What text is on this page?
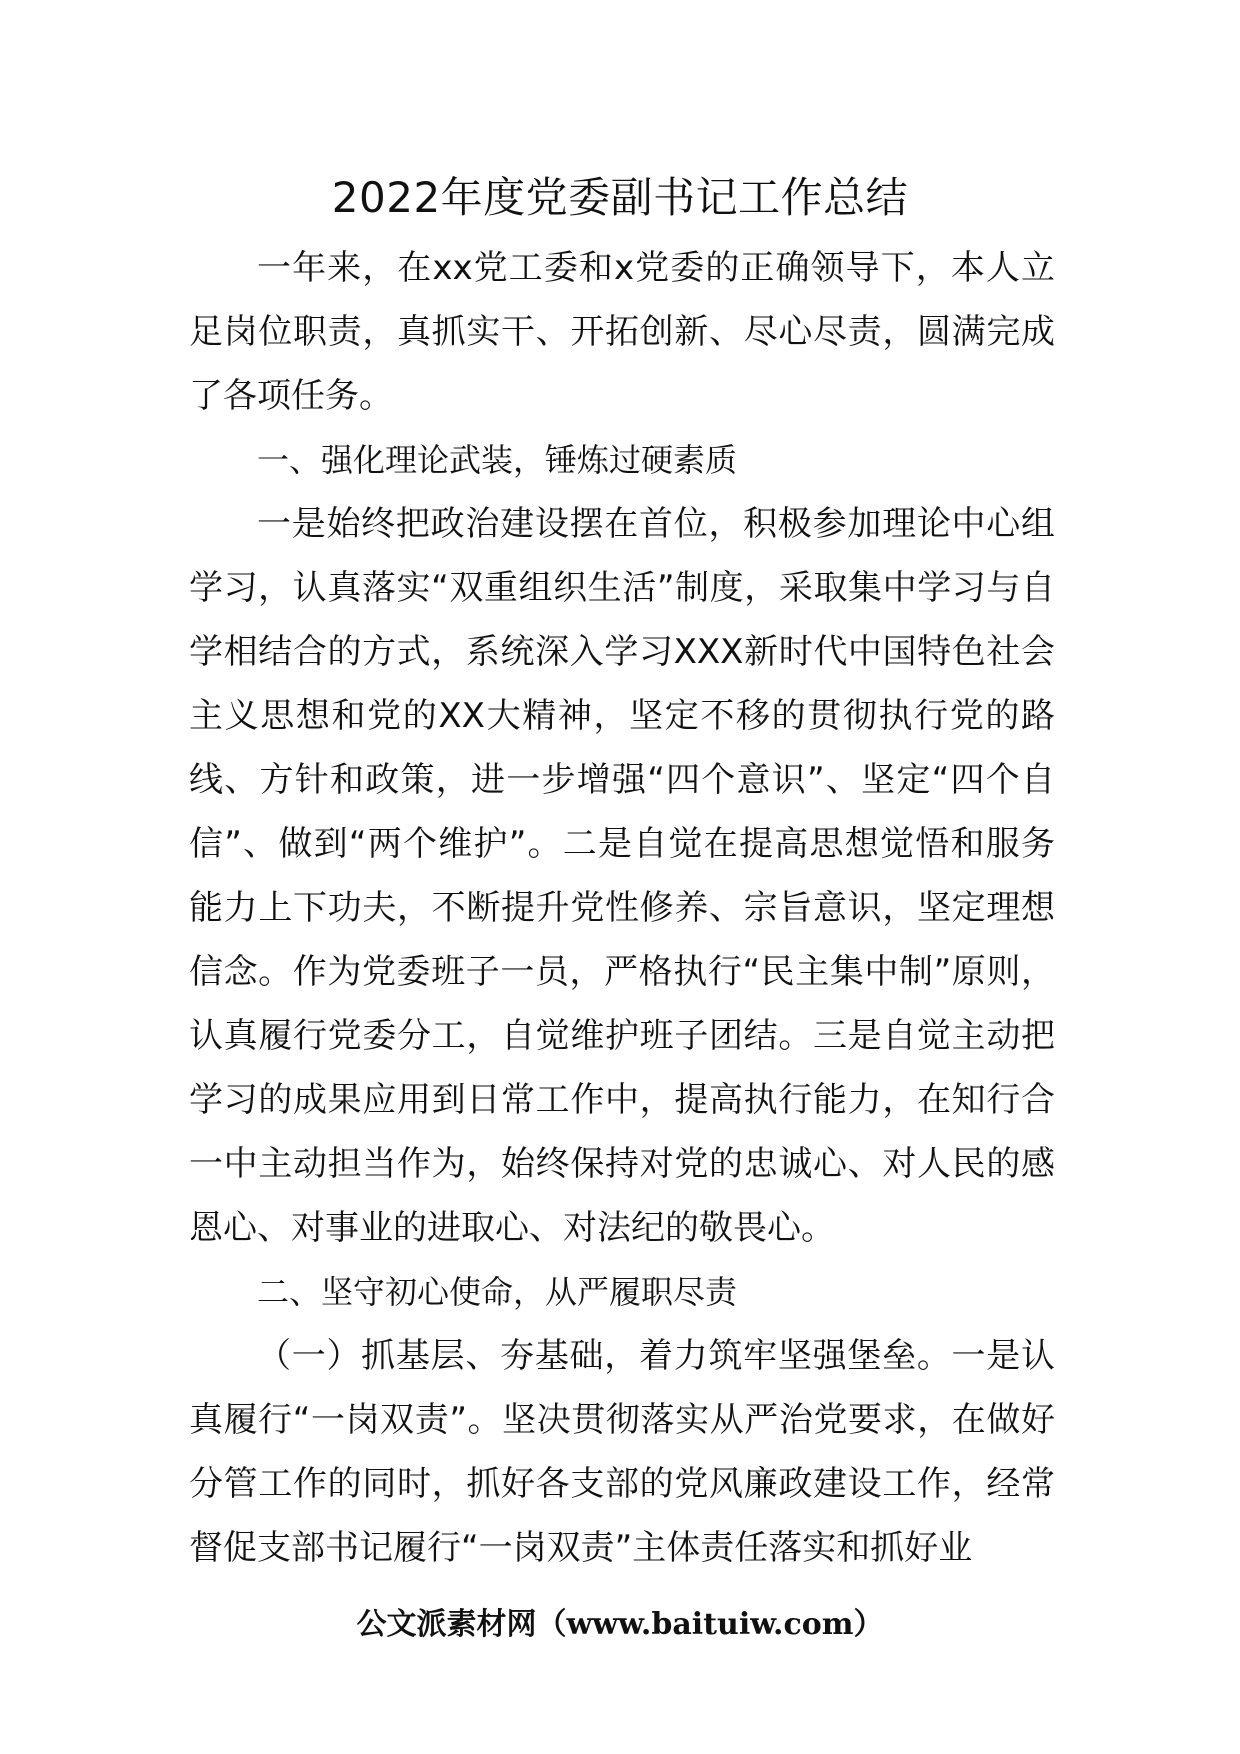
2022年度党委副书记工作总结

一年来，在xx党工委和x党委的正确领导下，本人立足岗位职责，真抓实干、开拓创新、尽心尽责，圆满完成了各项任务。

一、强化理论武装，锤炼过硬素质

一是始终把政治建设摆在首位，积极参加理论中心组学习，认真落实“双重组织生活”制度，采取集中学习与自学相结合的方式，系统深入学习XXX新时代中国特色社会主义思想和党的XX大精神，坚定不移的贯彻执行党的路线、方针和政策，进一步增强“四个意识”、坚定“四个自信”、做到“两个维护”。二是自觉在提高思想觉悟和服务能力上下功夫，不断提升党性修养、宗旨意识，坚定理想信念。作为党委班子一员，严格执行“民主集中制”原则，认真履行党委分工，自觉维护班子团结。三是自觉主动把学习的成果应用到日常工作中，提高执行能力，在知行合一中主动担当作为，始终保持对党的忠诚心、对人民的感恩心、对事业的进取心、对法纪的敬畏心。

二、坚守初心使命，从严履职尽责

（一）抓基层、夯基础，着力筑牢坚强堡垒。一是认真履行“一岗双责”。坚决贯彻落实从严治党要求，在做好分管工作的同时，抓好各支部的党风廉政建设工作，经常督促支部书记履行“一岗双责”主体责任落实和抓好业

公文派素材网（www.baituiw.com）
